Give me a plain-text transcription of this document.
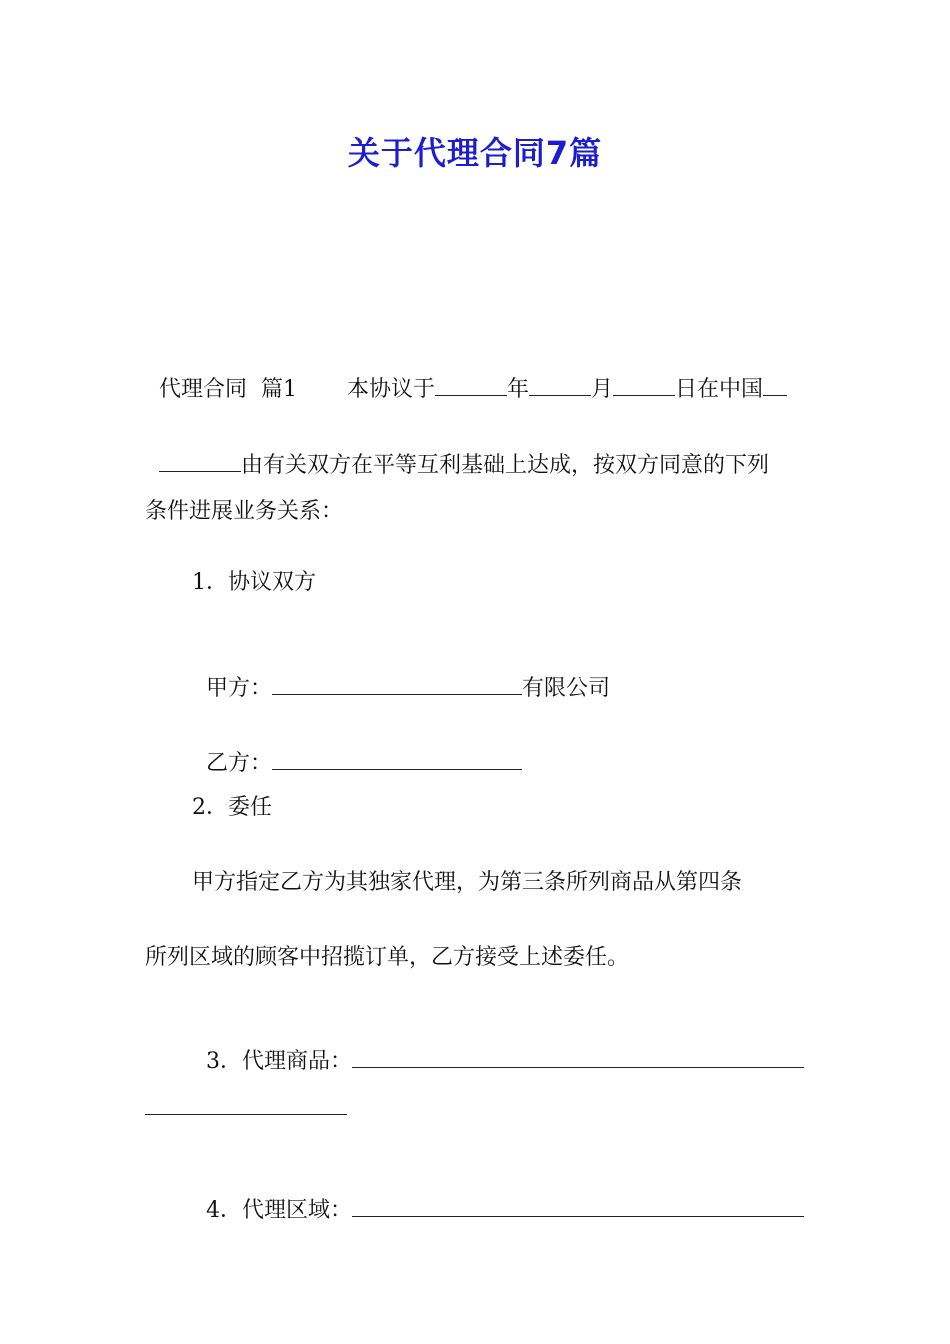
关于代理合同7篇

代理合同  篇1 本协议于	年	月	日在中国

由有关双方在平等互利基础上达成，按双方同意的下列

条件进展业务关系：
1．协议双方

甲方：	有限公司

乙方：

2．委任
甲方指定乙方为其独家代理，为第三条所列商品从第四条
所列区域的顾客中招揽订单，乙方接受上述委任。

3．代理商品：

4．代理区域：
